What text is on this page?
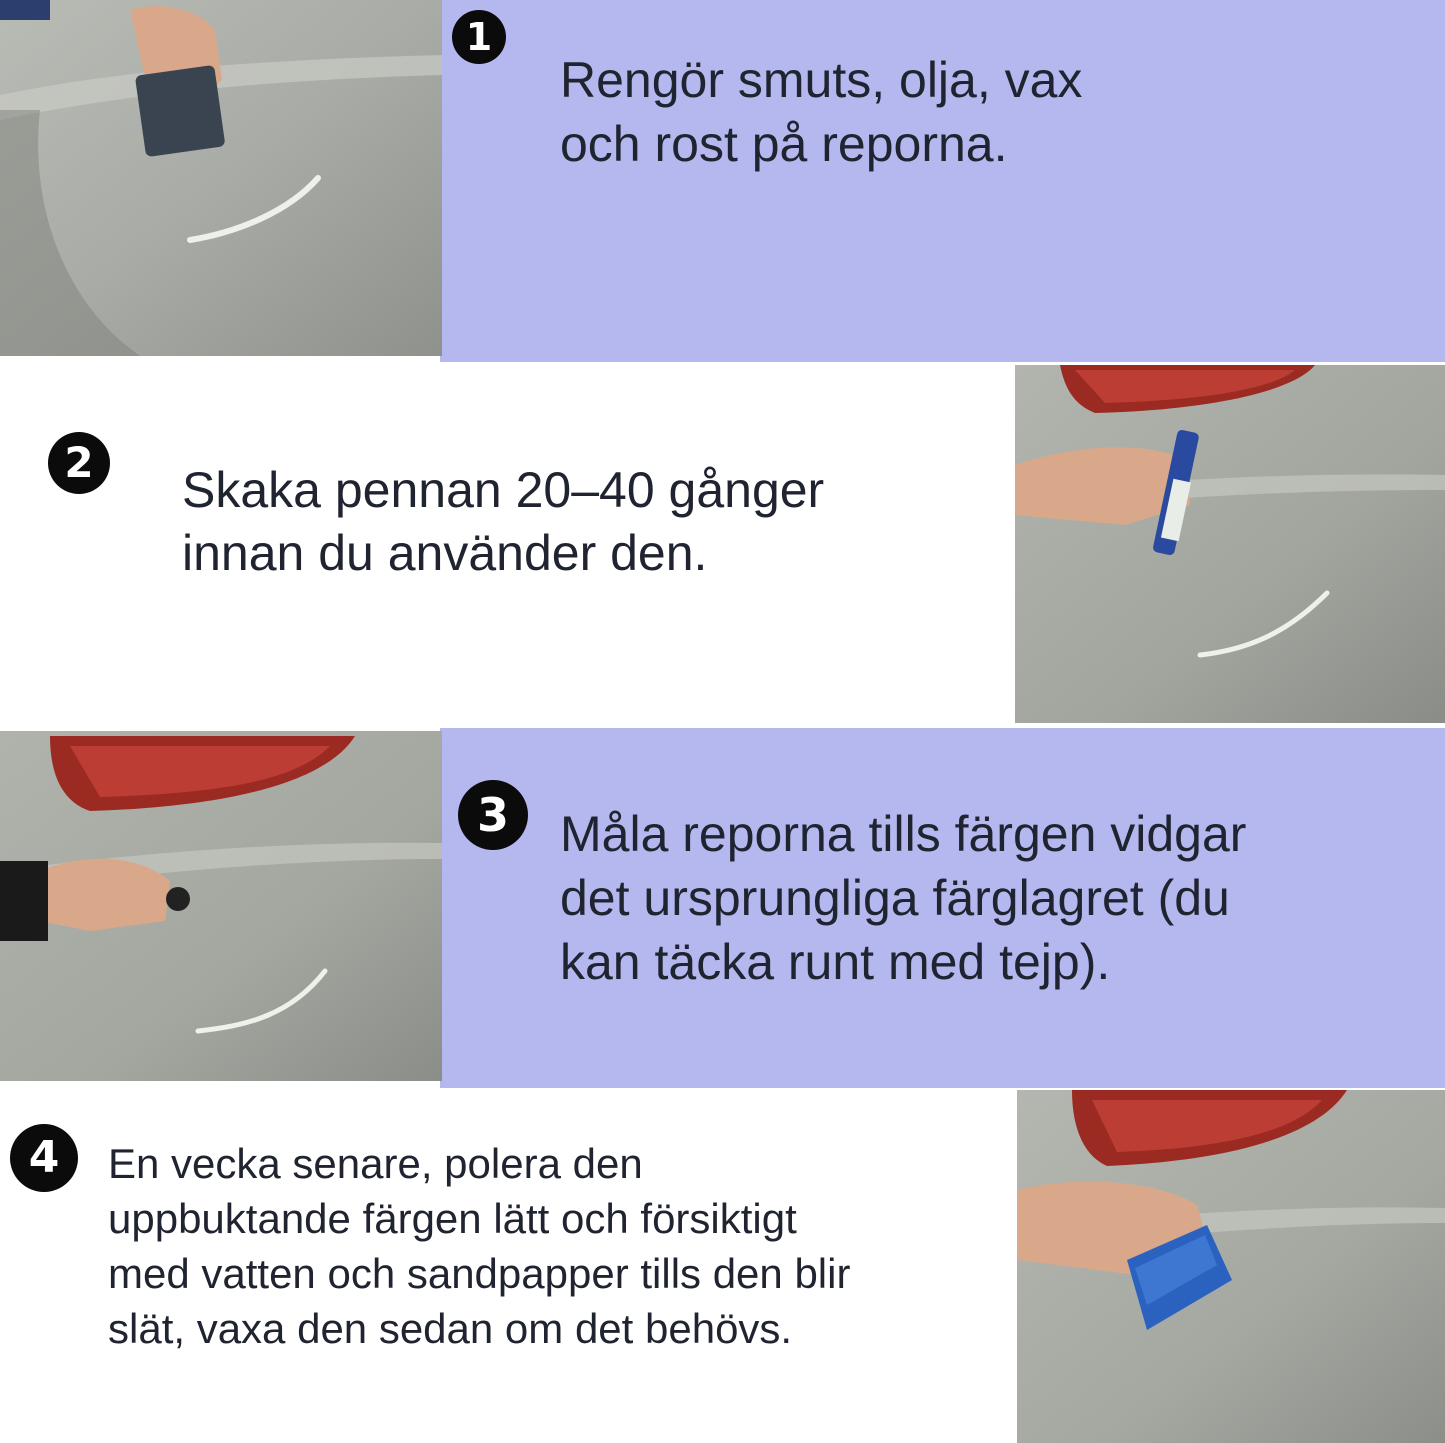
1
Rengör smuts, olja, vax
och rost på reporna.
2	Skaka pennan 20–40 gånger
innan du använder den.
3	Måla reporna tills färgen vidgar
det ursprungliga färglagret (du
kan täcka runt med tejp).
4	En vecka senare, polera den
uppbuktande färgen lätt och försiktigt
med vatten och sandpapper tills den blir
slät, vaxa den sedan om det behövs.
